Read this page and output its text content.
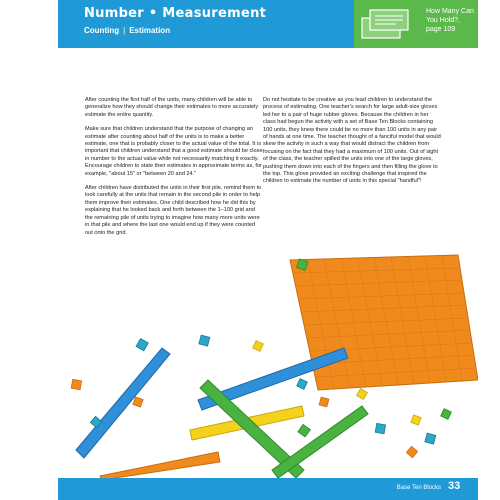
Number • Measurement
Counting | Estimation
How Many Can You Hold?, page 109

After counting the first half of the units, many children will be able to generalize how they should change their estimates to more accurately estimate the entire quantity.

Make sure that children understand that the purpose of changing an estimate after counting about half of the units is to make a better estimate, one that is probably closer to the actual value of the total. It is important that children understand that a good estimate should be close in number to the actual value while not necessarily matching it exactly. Encourage children to state their estimates in approximate terms as, for example, "about 15" or "between 20 and 24."

After children have distributed the units in their first pile, remind them to look carefully at the units that remain in the second pile in order to help them improve their estimates. One child described how he did this by explaining that he looked back and forth between the 1–100 grid and the remaining pile of units trying to imagine how many more units were in that pile and where the last one would end up if they were counted out onto the grid.

Do not hesitate to be creative as you lead children to understand the process of estimating. One teacher's search for large adult-size gloves led her to a pair of huge rubber gloves. Because the children in her class had begun the activity with a set of Base Ten Blocks containing 100 units, they knew there could be no more than 100 units in any pair of hands at one time. The teacher thought of a fanciful model that would skew the activity in such a way that would distract the children from focusing on the fact that they had a maximum of 100 units. Out of sight of the class, the teacher spilled the units into one of the large gloves, pushing them down into each of the fingers and then filling the glove to the top. This glove provided an exciting challenge that inspired the children to estimate the number of units in this special "handful"!

Base Ten Blocks 33
